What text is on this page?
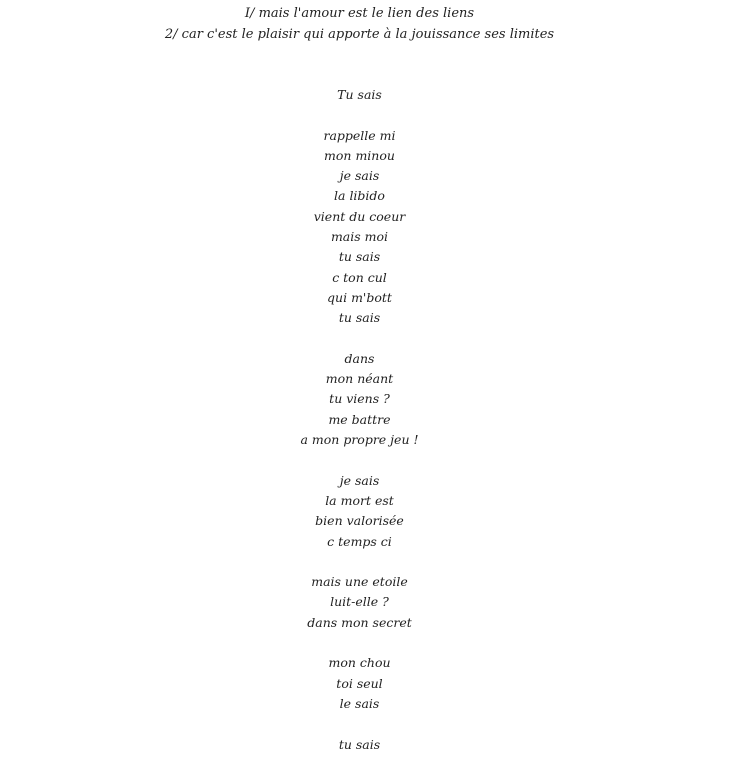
I/ mais l'amour est le lien des liens
2/ car c'est le plaisir qui apporte à la jouissance ses limites
Tu sais
rappelle mi
mon minou
je sais
la libido
vient du coeur
mais moi
tu sais
c ton cul
qui m'bott
tu sais
dans
mon néant
tu viens ?
me battre
a mon propre jeu !
je sais
la mort est
bien valorisée
c temps ci
mais une etoile
luit-elle ?
dans mon secret
mon chou
toi seul
le sais
tu sais
